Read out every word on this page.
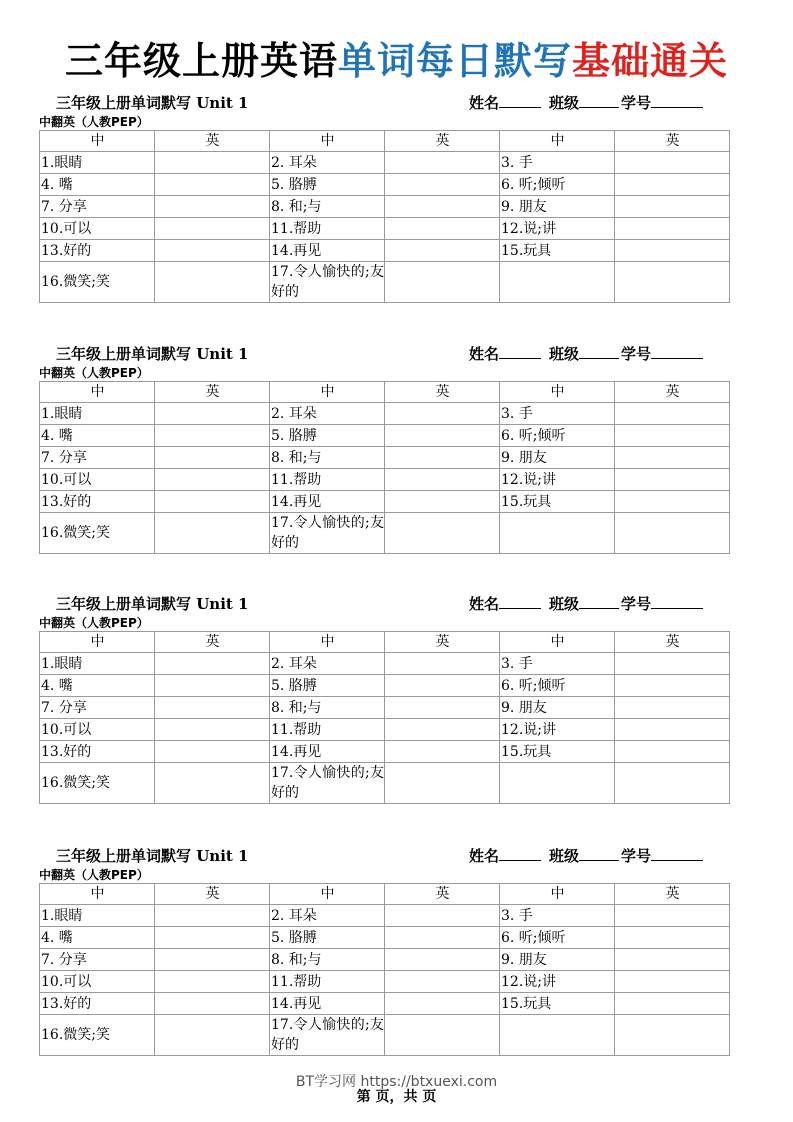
三年级上册英语单词每日默写基础通关
三年级上册单词默写 Unit 1	姓名	班级	学号
中翻英（人教PEP）
中	英	中	英	中	英

1.眼睛		2. 耳朵		3. 手	

4. 嘴		5. 胳膊		6. 听;倾听	

7. 分享		8. 和;与		9. 朋友	

10.可以		11.帮助		12.说;讲	

13.好的		14.再见		15.玩具	

16.微笑;笑		17.令人愉快的;友好的			

三年级上册单词默写 Unit 1	姓名	班级	学号
中翻英（人教PEP）
中	英	中	英	中	英

1.眼睛		2. 耳朵		3. 手	

4. 嘴		5. 胳膊		6. 听;倾听	

7. 分享		8. 和;与		9. 朋友	

10.可以		11.帮助		12.说;讲	

13.好的		14.再见		15.玩具	

16.微笑;笑		17.令人愉快的;友好的			

三年级上册单词默写 Unit 1	姓名	班级	学号
中翻英（人教PEP）
中	英	中	英	中	英

1.眼睛		2. 耳朵		3. 手	

4. 嘴		5. 胳膊		6. 听;倾听	

7. 分享		8. 和;与		9. 朋友	

10.可以		11.帮助		12.说;讲	

13.好的		14.再见		15.玩具	

16.微笑;笑		17.令人愉快的;友好的			

三年级上册单词默写 Unit 1	姓名	班级	学号
中翻英（人教PEP）
中	英	中	英	中	英

1.眼睛		2. 耳朵		3. 手	

4. 嘴		5. 胳膊		6. 听;倾听	

7. 分享		8. 和;与		9. 朋友	

10.可以		11.帮助		12.说;讲	

13.好的		14.再见		15.玩具	

16.微笑;笑		17.令人愉快的;友好的			

BT学习网 https://btxuexi.com
第 页，共 页
